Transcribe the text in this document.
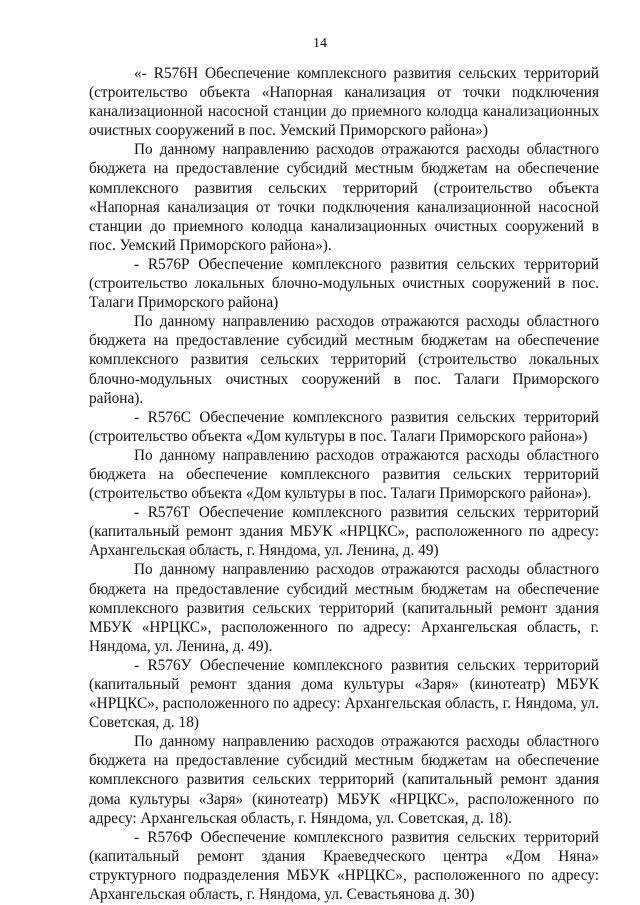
14

«- R576Н Обеспечение комплексного развития сельских территорий (строительство объекта «Напорная канализация от точки подключения канализационной насосной станции до приемного колодца канализационных очистных сооружений в пос. Уемский Приморского района»)

По данному направлению расходов отражаются расходы областного бюджета на предоставление субсидий местным бюджетам на обеспечение комплексного развития сельских территорий (строительство объекта «Напорная канализация от точки подключения канализационной насосной станции до приемного колодца канализационных очистных сооружений в пос. Уемский Приморского района»).

- R576Р Обеспечение комплексного развития сельских территорий (строительство локальных блочно-модульных очистных сооружений в пос. Талаги Приморского района)

По данному направлению расходов отражаются расходы областного бюджета на предоставление субсидий местным бюджетам на обеспечение комплексного развития сельских территорий (строительство локальных блочно-модульных очистных сооружений в пос. Талаги Приморского района).

- R576С Обеспечение комплексного развития сельских территорий (строительство объекта «Дом культуры в пос. Талаги Приморского района»)

По данному направлению расходов отражаются расходы областного бюджета на обеспечение комплексного развития сельских территорий (строительство объекта «Дом культуры в пос. Талаги Приморского района»).

- R576Т Обеспечение комплексного развития сельских территорий (капитальный ремонт здания МБУК «НРЦКС», расположенного по адресу: Архангельская область, г. Няндома, ул. Ленина, д. 49)

По данному направлению расходов отражаются расходы областного бюджета на предоставление субсидий местным бюджетам на обеспечение комплексного развития сельских территорий (капитальный ремонт здания МБУК «НРЦКС», расположенного по адресу: Архангельская область, г. Няндома, ул. Ленина, д. 49).

- R576У Обеспечение комплексного развития сельских территорий (капитальный ремонт здания дома культуры «Заря» (кинотеатр) МБУК «НРЦКС», расположенного по адресу: Архангельская область, г. Няндома, ул. Советская, д. 18)

По данному направлению расходов отражаются расходы областного бюджета на предоставление субсидий местным бюджетам на обеспечение комплексного развития сельских территорий (капитальный ремонт здания дома культуры «Заря» (кинотеатр) МБУК «НРЦКС», расположенного по адресу: Архангельская область, г. Няндома, ул. Советская, д. 18).

- R576Ф Обеспечение комплексного развития сельских территорий (капитальный ремонт здания Краеведческого центра «Дом Няна» структурного подразделения МБУК «НРЦКС», расположенного по адресу: Архангельская область, г. Няндома, ул. Севастьянова д. 30)
